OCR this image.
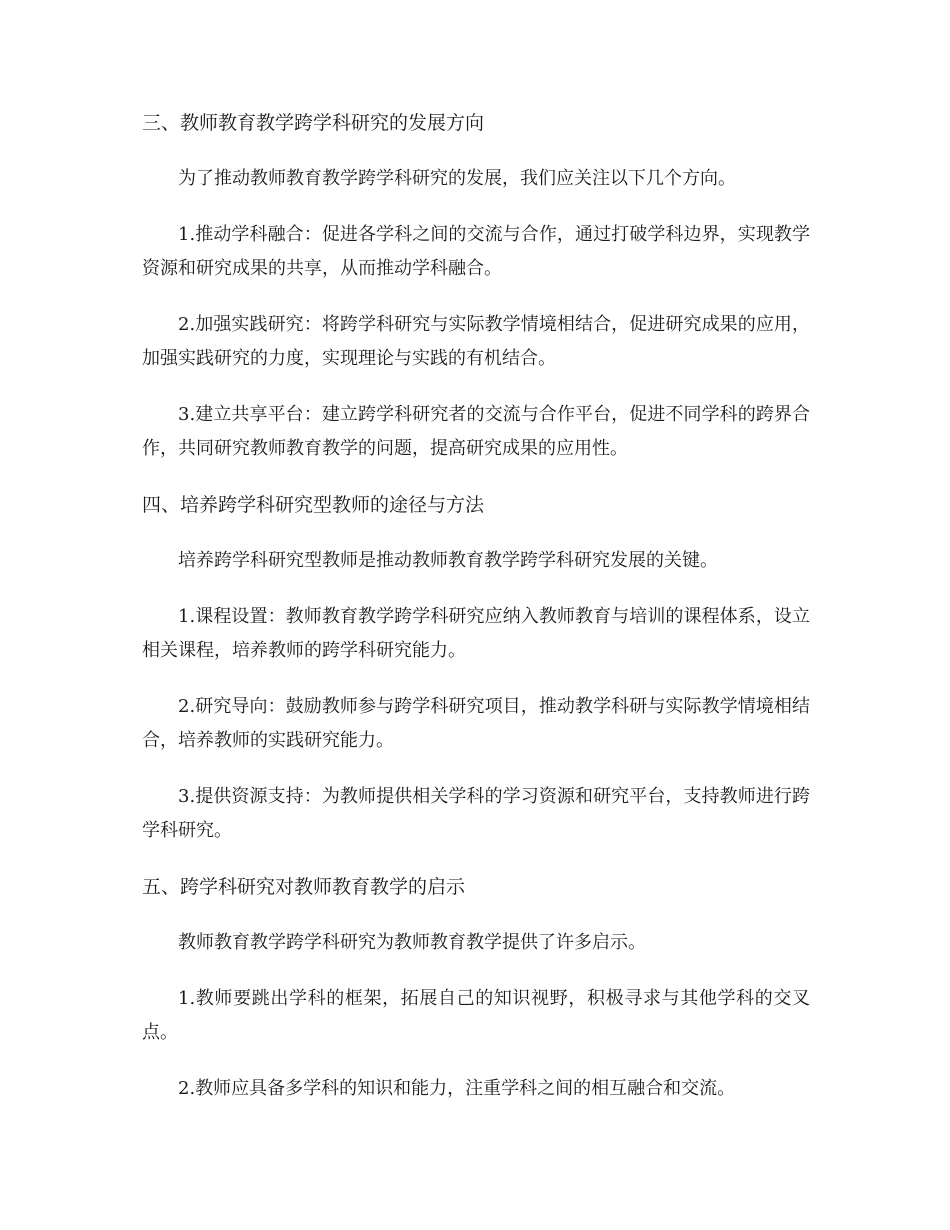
三、教师教育教学跨学科研究的发展方向
为了推动教师教育教学跨学科研究的发展，我们应关注以下几个方向。
1.推动学科融合：促进各学科之间的交流与合作，通过打破学科边界，实现教学资源和研究成果的共享，从而推动学科融合。
2.加强实践研究：将跨学科研究与实际教学情境相结合，促进研究成果的应用，加强实践研究的力度，实现理论与实践的有机结合。
3.建立共享平台：建立跨学科研究者的交流与合作平台，促进不同学科的跨界合作，共同研究教师教育教学的问题，提高研究成果的应用性。
四、培养跨学科研究型教师的途径与方法
培养跨学科研究型教师是推动教师教育教学跨学科研究发展的关键。
1.课程设置：教师教育教学跨学科研究应纳入教师教育与培训的课程体系，设立相关课程，培养教师的跨学科研究能力。
2.研究导向：鼓励教师参与跨学科研究项目，推动教学科研与实际教学情境相结合，培养教师的实践研究能力。
3.提供资源支持：为教师提供相关学科的学习资源和研究平台，支持教师进行跨学科研究。
五、跨学科研究对教师教育教学的启示
教师教育教学跨学科研究为教师教育教学提供了许多启示。
1.教师要跳出学科的框架，拓展自己的知识视野，积极寻求与其他学科的交叉点。
2.教师应具备多学科的知识和能力，注重学科之间的相互融合和交流。
